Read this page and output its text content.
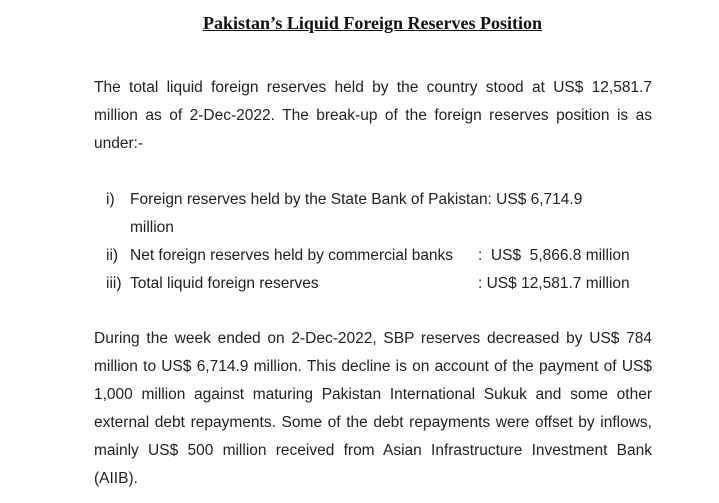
Pakistan’s Liquid Foreign Reserves Position

The total liquid foreign reserves held by the country stood at US$ 12,581.7 million as of 2-Dec-2022. The break-up of the foreign reserves position is as under:-

i) Foreign reserves held by the State Bank of Pakistan: US$ 6,714.9 million
ii) Net foreign reserves held by commercial banks	:  US$  5,866.8 million
iii) Total liquid foreign reserves	: US$ 12,581.7 million

During the week ended on 2-Dec-2022, SBP reserves decreased by US$ 784 million to US$ 6,714.9 million. This decline is on account of the payment of US$ 1,000 million against maturing Pakistan International Sukuk and some other external debt repayments. Some of the debt repayments were offset by inflows, mainly US$ 500 million received from Asian Infrastructure Investment Bank (AIIB).
